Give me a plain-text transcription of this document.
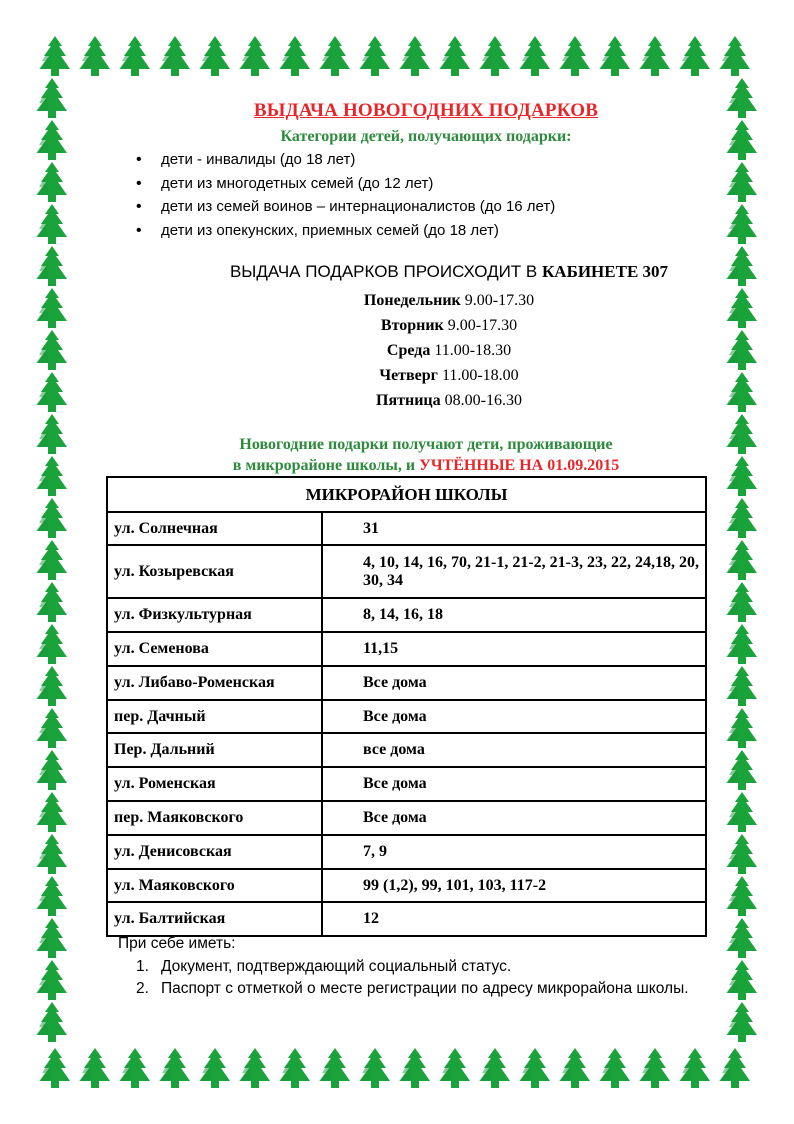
ВЫДАЧА НОВОГОДНИХ ПОДАРКОВ
Категории детей, получающих подарки:
• дети - инвалиды (до 18 лет)
• дети из многодетных семей (до 12 лет)
• дети из семей воинов – интернационалистов (до 16 лет)
• дети из опекунских, приемных семей (до 18 лет)
ВЫДАЧА ПОДАРКОВ ПРОИСХОДИТ В КАБИНЕТЕ 307
Понедельник 9.00-17.30
Вторник 9.00-17.30
Среда 11.00-18.30
Четверг 11.00-18.00
Пятница 08.00-16.30
Новогодние подарки получают дети, проживающие
в микрорайоне школы, и УЧТЁННЫЕ НА 01.09.2015
МИКРОРАЙОН ШКОЛЫ	
ул. Солнечная	31
ул. Козыревская	4, 10, 14, 16, 70, 21-1, 21-2, 21-3, 23, 22, 24,18, 20, 30, 34
ул. Физкультурная	8, 14, 16, 18
ул. Семенова	11,15
ул. Либаво-Роменская	Все дома
пер. Дачный	Все дома
Пер. Дальний	все дома
ул. Роменская	Все дома
пер. Маяковского	Все дома
ул. Денисовская	7, 9
ул. Маяковского	99 (1,2), 99, 101, 103, 117-2
ул. Балтийская	12
При себе иметь:
1. Документ, подтверждающий социальный статус.
2. Паспорт с отметкой о месте регистрации по адресу микрорайона школы.
